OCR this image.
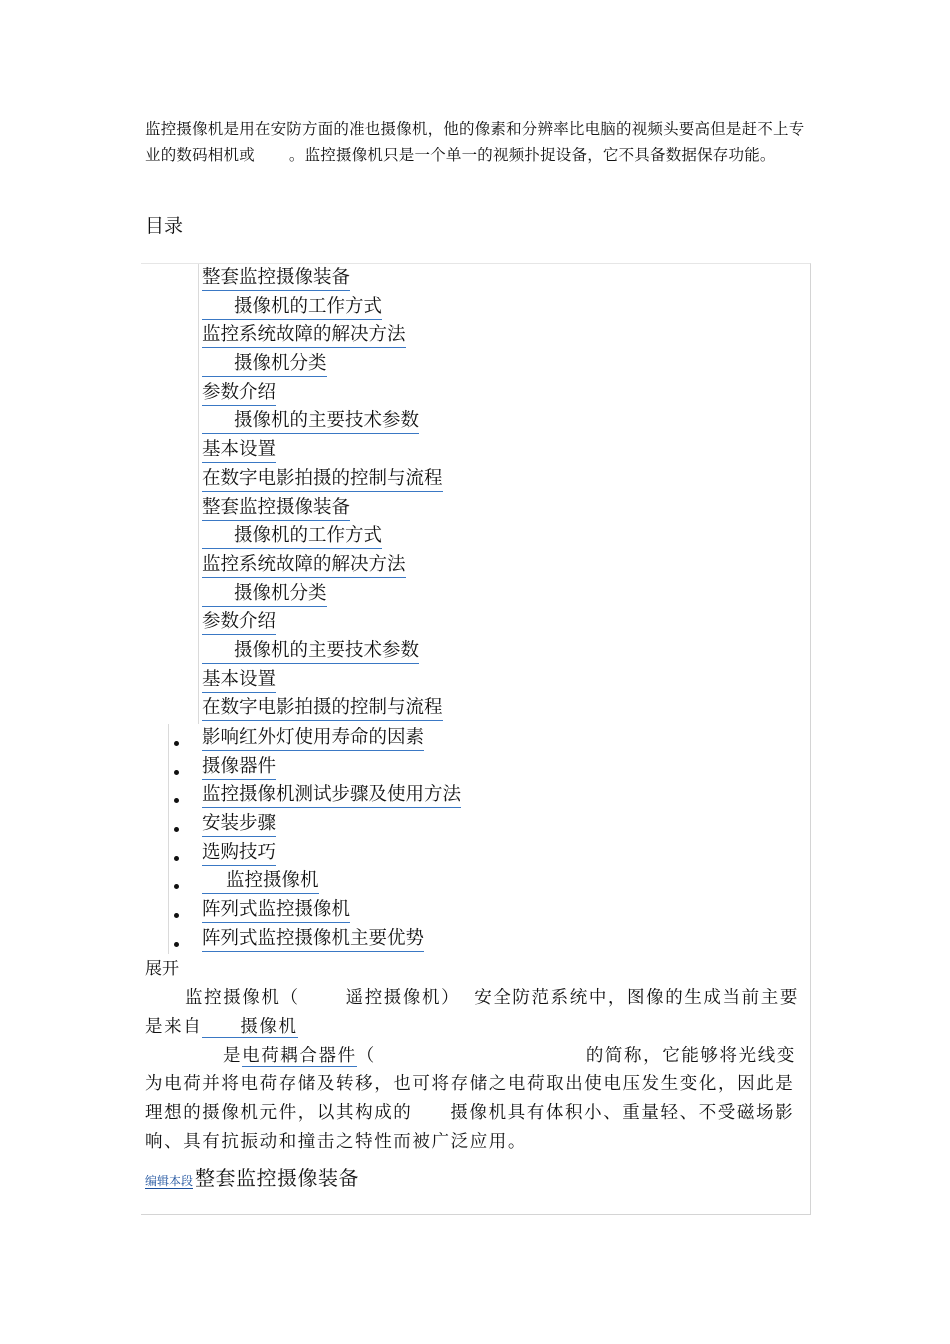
监控摄像机是用在安防方面的准也摄像机，他的像素和分辨率比电脑的视频头要高但是赶不上专业的数码相机或 。监控摄像机只是一个单一的视频扑捉设备，它不具备数据保存功能。
目录
整套监控摄像装备
摄像机的工作方式
监控系统故障的解决方法
摄像机分类
参数介绍
摄像机的主要技术参数
基本设置
在数字电影拍摄的控制与流程
整套监控摄像装备
摄像机的工作方式
监控系统故障的解决方法
摄像机分类
参数介绍
摄像机的主要技术参数
基本设置
在数字电影拍摄的控制与流程
影响红外灯使用寿命的因素
摄像器件
监控摄像机测试步骤及使用方法
安装步骤
选购技巧
监控摄像机
阵列式监控摄像机
阵列式监控摄像机主要优势
展开

监控摄像机（	遥控摄像机） 安全防范系统中，图像的生成当前主要是来自 摄像机

是电荷耦合器件（	的简称，它能够将光线变为电荷并将电荷存储及转移，也可将存储之电荷取出使电压发生变化，因此是理想的摄像机元件，以其构成的 摄像机具有体积小、重量轻、不受磁场影响、具有抗振动和撞击之特性而被广泛应用。

编辑本段 整套监控摄像装备
